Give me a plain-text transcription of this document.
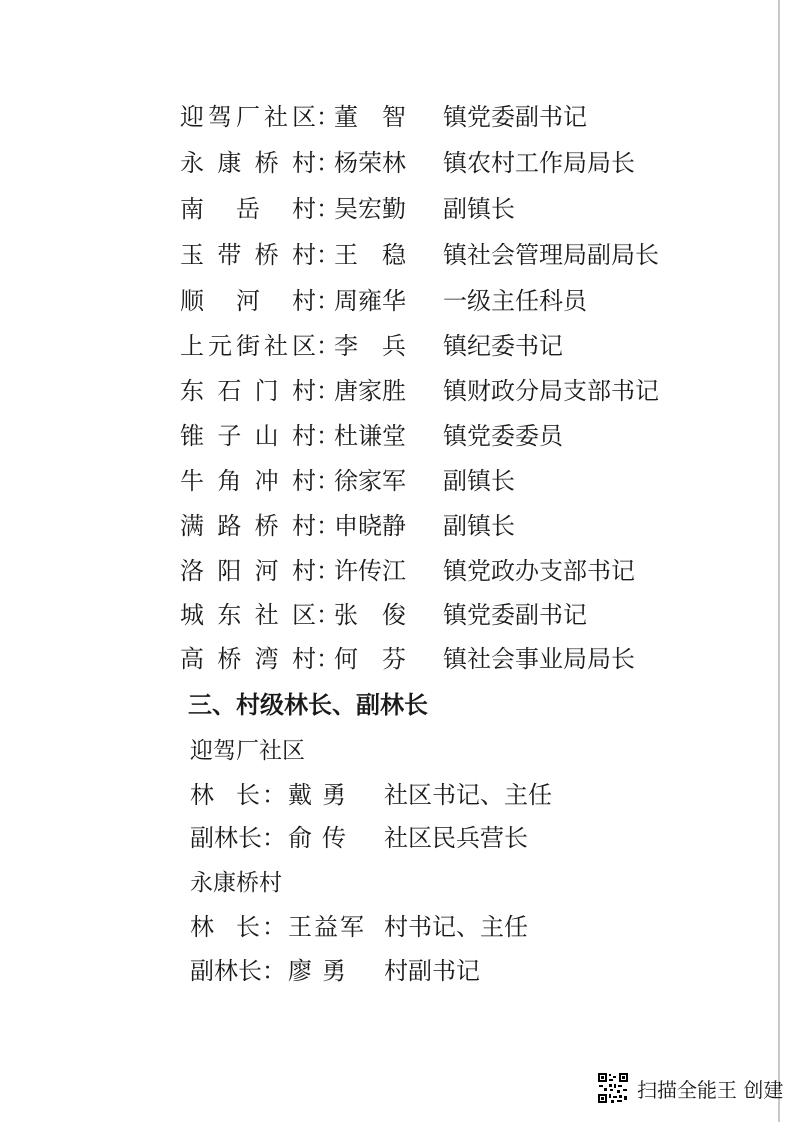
迎驾厂社区 ：
董 智 镇党委副书记
永康桥村 ：
杨荣林 镇农村工作局局长
南岳村 ：
吴宏勤 副镇长
玉带桥村 ：
王 稳 镇社会管理局副局长
顺河村 ：
周雍华 一级主任科员
上元街社区 ：
李 兵 镇纪委书记
东石门村 ：
唐家胜 镇财政分局支部书记
锥子山村 ：
杜谦堂 镇党委委员
牛角冲村 ：
徐家军 副镇长
满路桥村 ：
申晓静 副镇长
洛阳河村 ：
许传江 镇党政办支部书记
城东社区 ：
张 俊 镇党委副书记
高桥湾村 ：
何 芬 镇社会事业局局长
三、村级林长、副林长
迎驾厂社区
林长 ： 戴 勇 社区书记、主任
副林长 ： 俞 传 社区民兵营长
永康桥村
林长 ： 王益军 村书记、主任
副林长 ： 廖 勇 村副书记
扫描全能王 创建
